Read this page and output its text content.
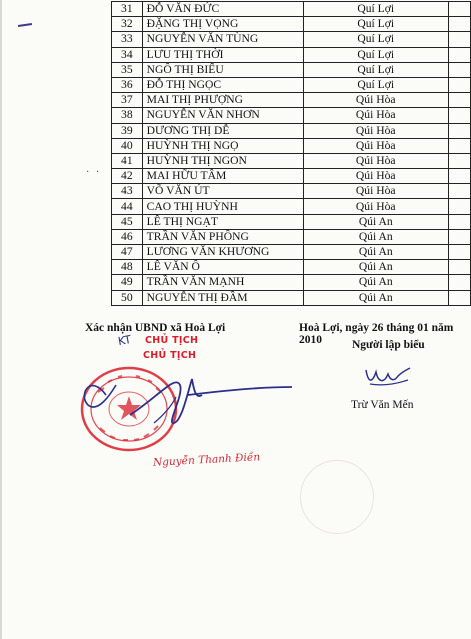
· ·
31	ĐỖ VĂN ĐỨC	Quí Lợi	
32	ĐẶNG THỊ VỌNG	Quí Lợi	
33	NGUYỄN VĂN TÙNG	Quí Lợi	
34	LƯU THỊ THỜI	Quí Lợi	
35	NGÔ THỊ BIẾU	Quí Lợi	
36	ĐỖ THỊ NGỌC	Quí Lợi	
37	MAI THỊ PHƯỢNG	Qúi Hòa	
38	NGUYỄN VĂN NHƠN	Qúi Hòa	
39	DƯƠNG THỊ DỄ	Qúi Hòa	
40	HUỲNH THỊ NGỌ	Qúi Hòa	
41	HUỲNH THỊ NGON	Qúi Hòa	
42	MAI HỮU TÂM	Qúi Hòa	
43	VÕ VĂN ÚT	Qúi Hòa	
44	CAO THỊ HUỲNH	Qúi Hòa	
45	LÊ THỊ NGẠT	Qúi An	
46	TRẦN VĂN PHỒNG	Qúi An	
47	LƯƠNG VĂN KHƯƠNG	Qúi An	
48	LÊ VĂN Ô	Qúi An	
49	TRẦN VĂN MẠNH	Qúi An	
50	NGUYỄN THỊ ĐẦM	Qúi An	
Xác nhận UBND xã Hoà Lợi	Hoà Lợi, ngày 26 tháng 01 năm 2010	Người lập biểu
Trừ Văn Mến
KT CHỦ TỊCH
CHỦ TỊCH
Nguyễn Thanh Điền
